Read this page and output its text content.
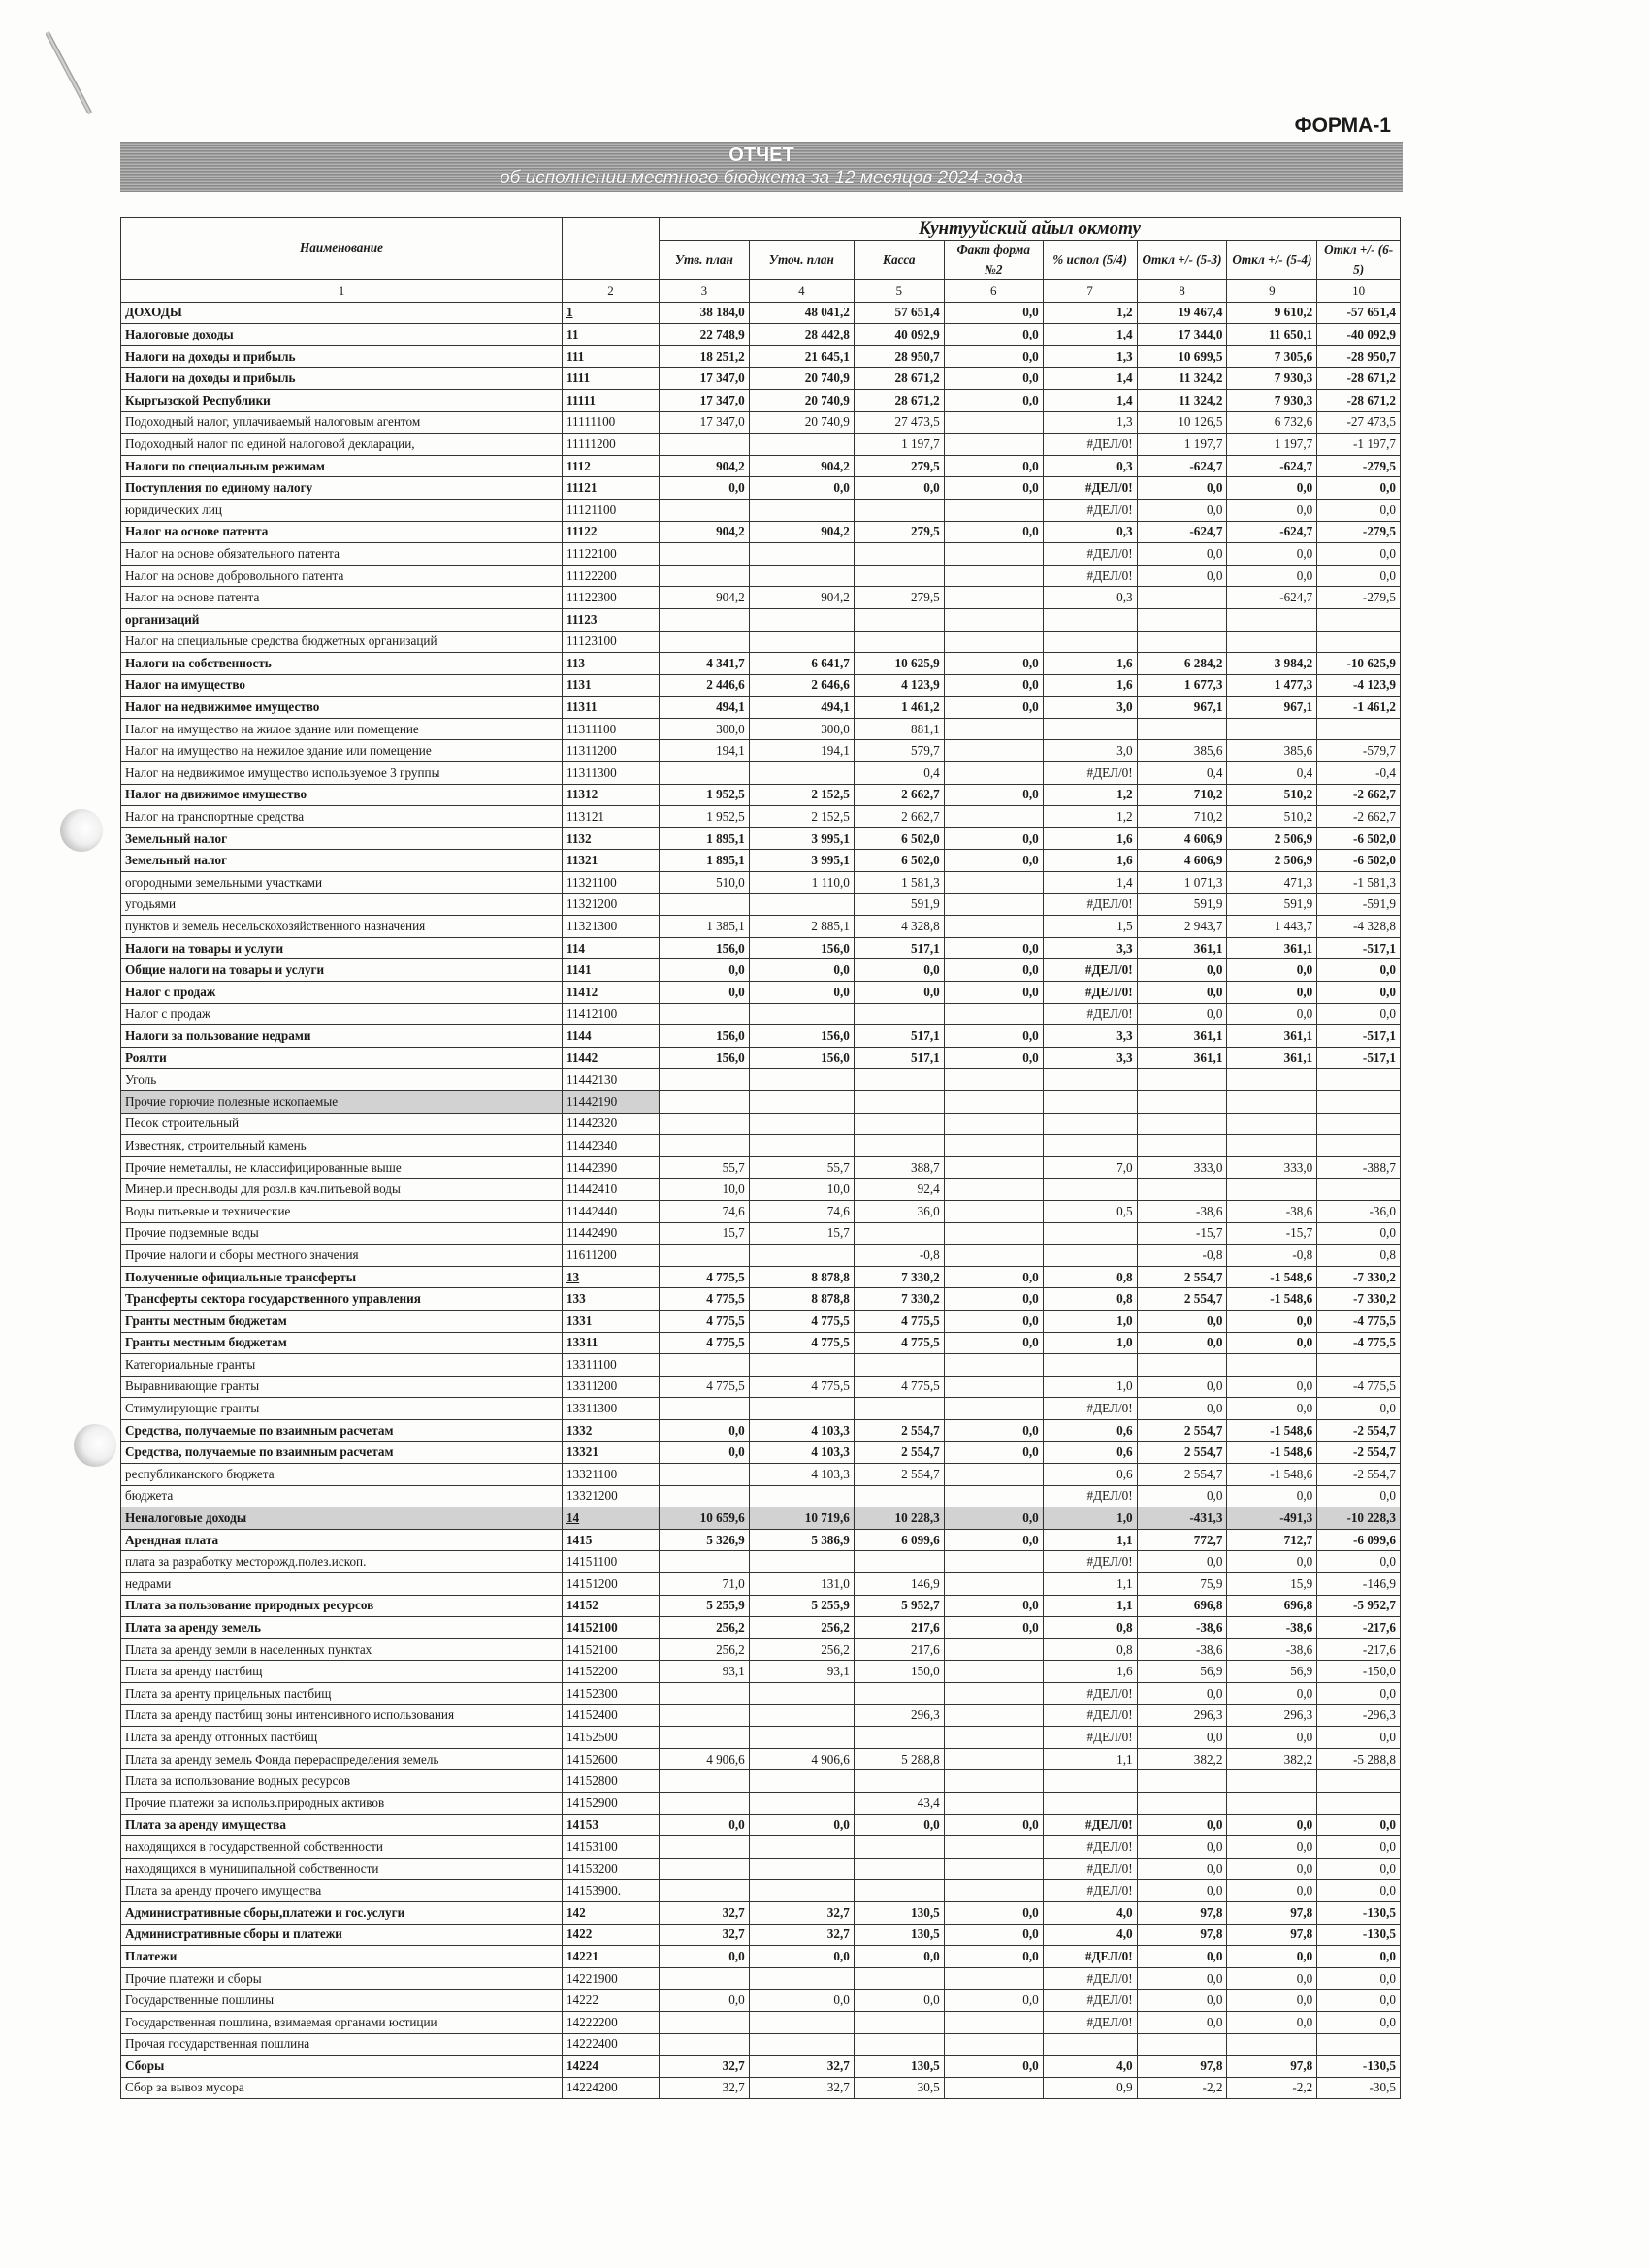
ФОРМА-1
ОТЧЕТ
об исполнении местного бюджета за 12 месяцов 2024 года
Наименование		Кунтууйский айыл окмоту							
		Утв. план	Уточ. план	Касса	Факт форма №2	% испол (5/4)	Откл +/- (5-3)	Откл +/- (5-4)	Откл +/- (6-5)
1	2	3	4	5	6	7	8	9	10
ДОХОДЫ	1	38 184,0	48 041,2	57 651,4	0,0	1,2	19 467,4	9 610,2	-57 651,4
Налоговые доходы	11	22 748,9	28 442,8	40 092,9	0,0	1,4	17 344,0	11 650,1	-40 092,9
Налоги на доходы и прибыль	111	18 251,2	21 645,1	28 950,7	0,0	1,3	10 699,5	7 305,6	-28 950,7
Налоги на доходы и прибыль	1111	17 347,0	20 740,9	28 671,2	0,0	1,4	11 324,2	7 930,3	-28 671,2
Кыргызской Республики	11111	17 347,0	20 740,9	28 671,2	0,0	1,4	11 324,2	7 930,3	-28 671,2
Подоходный налог, уплачиваемый налоговым агентом	11111100	17 347,0	20 740,9	27 473,5		1,3	10 126,5	6 732,6	-27 473,5
Подоходный налог по единой налоговой декларации,	11111200			1 197,7		#ДЕЛ/0!	1 197,7	1 197,7	-1 197,7
Налоги по специальным режимам	1112	904,2	904,2	279,5	0,0	0,3	-624,7	-624,7	-279,5
Поступления по единому налогу	11121	0,0	0,0	0,0	0,0	#ДЕЛ/0!	0,0	0,0	0,0
юридических лиц	11121100					#ДЕЛ/0!	0,0	0,0	0,0
Налог на основе патента	11122	904,2	904,2	279,5	0,0	0,3	-624,7	-624,7	-279,5
Налог на основе обязательного патента	11122100					#ДЕЛ/0!	0,0	0,0	0,0
Налог на основе добровольного патента	11122200					#ДЕЛ/0!	0,0	0,0	0,0
Налог на основе патента	11122300	904,2	904,2	279,5		0,3		-624,7	-279,5
организаций	11123								
Налог на специальные средства бюджетных организаций	11123100								
Налоги на собственность	113	4 341,7	6 641,7	10 625,9	0,0	1,6	6 284,2	3 984,2	-10 625,9
Налог на имущество	1131	2 446,6	2 646,6	4 123,9	0,0	1,6	1 677,3	1 477,3	-4 123,9
Налог на недвижимое имущество	11311	494,1	494,1	1 461,2	0,0	3,0	967,1	967,1	-1 461,2
Налог на имущество на жилое здание или помещение	11311100	300,0	300,0	881,1					
Налог на имущество на нежилое здание или помещение	11311200	194,1	194,1	579,7		3,0	385,6	385,6	-579,7
Налог на недвижимое имущество используемое 3 группы	11311300			0,4		#ДЕЛ/0!	0,4	0,4	-0,4
Налог на движимое имущество	11312	1 952,5	2 152,5	2 662,7	0,0	1,2	710,2	510,2	-2 662,7
Налог на транспортные средства	113121	1 952,5	2 152,5	2 662,7		1,2	710,2	510,2	-2 662,7
Земельный налог	1132	1 895,1	3 995,1	6 502,0	0,0	1,6	4 606,9	2 506,9	-6 502,0
Земельный налог	11321	1 895,1	3 995,1	6 502,0	0,0	1,6	4 606,9	2 506,9	-6 502,0
огородными земельными участками	11321100	510,0	1 110,0	1 581,3		1,4	1 071,3	471,3	-1 581,3
угодьями	11321200			591,9		#ДЕЛ/0!	591,9	591,9	-591,9
пунктов и земель несельскохозяйственного назначения	11321300	1 385,1	2 885,1	4 328,8		1,5	2 943,7	1 443,7	-4 328,8
Налоги на товары и услуги	114	156,0	156,0	517,1	0,0	3,3	361,1	361,1	-517,1
Общие налоги на товары и услуги	1141	0,0	0,0	0,0	0,0	#ДЕЛ/0!	0,0	0,0	0,0
Налог с продаж	11412	0,0	0,0	0,0	0,0	#ДЕЛ/0!	0,0	0,0	0,0
Налог с продаж	11412100					#ДЕЛ/0!	0,0	0,0	0,0
Налоги за пользование недрами	1144	156,0	156,0	517,1	0,0	3,3	361,1	361,1	-517,1
Роялти	11442	156,0	156,0	517,1	0,0	3,3	361,1	361,1	-517,1
Уголь	11442130								
Прочие горючие полезные ископаемые	11442190								
Песок строительный	11442320								
Известняк, строительный камень	11442340								
Прочие неметаллы, не классифицированные выше	11442390	55,7	55,7	388,7		7,0	333,0	333,0	-388,7
Минер.и пресн.воды для розл.в кач.питьевой воды	11442410	10,0	10,0	92,4					
Воды питьевые и технические	11442440	74,6	74,6	36,0		0,5	-38,6	-38,6	-36,0
Прочие подземные воды	11442490	15,7	15,7				-15,7	-15,7	0,0
Прочие налоги и сборы местного значения	11611200			-0,8			-0,8	-0,8	0,8
Полученные официальные трансферты	13	4 775,5	8 878,8	7 330,2	0,0	0,8	2 554,7	-1 548,6	-7 330,2
Трансферты сектора государственного управления	133	4 775,5	8 878,8	7 330,2	0,0	0,8	2 554,7	-1 548,6	-7 330,2
Гранты местным бюджетам	1331	4 775,5	4 775,5	4 775,5	0,0	1,0	0,0	0,0	-4 775,5
Гранты местным бюджетам	13311	4 775,5	4 775,5	4 775,5	0,0	1,0	0,0	0,0	-4 775,5
Категориальные гранты	13311100								
Выравнивающие гранты	13311200	4 775,5	4 775,5	4 775,5		1,0	0,0	0,0	-4 775,5
Стимулирующие гранты	13311300					#ДЕЛ/0!	0,0	0,0	0,0
Средства, получаемые по взаимным расчетам	1332	0,0	4 103,3	2 554,7	0,0	0,6	2 554,7	-1 548,6	-2 554,7
Средства, получаемые по взаимным расчетам	13321	0,0	4 103,3	2 554,7	0,0	0,6	2 554,7	-1 548,6	-2 554,7
республиканского бюджета	13321100		4 103,3	2 554,7		0,6	2 554,7	-1 548,6	-2 554,7
бюджета	13321200					#ДЕЛ/0!	0,0	0,0	0,0
Неналоговые доходы	14	10 659,6	10 719,6	10 228,3	0,0	1,0	-431,3	-491,3	-10 228,3
Арендная плата	1415	5 326,9	5 386,9	6 099,6	0,0	1,1	772,7	712,7	-6 099,6
плата за разработку месторожд.полез.ископ.	14151100					#ДЕЛ/0!	0,0	0,0	0,0
недрами	14151200	71,0	131,0	146,9		1,1	75,9	15,9	-146,9
Плата за пользование природных ресурсов	14152	5 255,9	5 255,9	5 952,7	0,0	1,1	696,8	696,8	-5 952,7
Плата за аренду земель	14152100	256,2	256,2	217,6	0,0	0,8	-38,6	-38,6	-217,6
Плата за аренду земли в населенных пунктах	14152100	256,2	256,2	217,6		0,8	-38,6	-38,6	-217,6
Плата за аренду пастбищ	14152200	93,1	93,1	150,0		1,6	56,9	56,9	-150,0
Плата за аренту прицельных пастбищ	14152300					#ДЕЛ/0!	0,0	0,0	0,0
Плата за аренду пастбищ зоны интенсивного использования	14152400			296,3		#ДЕЛ/0!	296,3	296,3	-296,3
Плата за аренду отгонных пастбищ	14152500					#ДЕЛ/0!	0,0	0,0	0,0
Плата за аренду земель Фонда перераспределения земель	14152600	4 906,6	4 906,6	5 288,8		1,1	382,2	382,2	-5 288,8
Плата за использование водных ресурсов	14152800								
Прочие платежи за использ.природных активов	14152900			43,4					
Плата за аренду имущества	14153	0,0	0,0	0,0	0,0	#ДЕЛ/0!	0,0	0,0	0,0
находящихся в государственной собственности	14153100					#ДЕЛ/0!	0,0	0,0	0,0
находящихся в муниципальной собственности	14153200					#ДЕЛ/0!	0,0	0,0	0,0
Плата за аренду прочего имущества	14153900.					#ДЕЛ/0!	0,0	0,0	0,0
Административные сборы,платежи и гос.услуги	142	32,7	32,7	130,5	0,0	4,0	97,8	97,8	-130,5
Административные сборы и платежи	1422	32,7	32,7	130,5	0,0	4,0	97,8	97,8	-130,5
Платежи	14221	0,0	0,0	0,0	0,0	#ДЕЛ/0!	0,0	0,0	0,0
Прочие платежи и сборы	14221900					#ДЕЛ/0!	0,0	0,0	0,0
Государственные пошлины	14222	0,0	0,0	0,0	0,0	#ДЕЛ/0!	0,0	0,0	0,0
Государственная пошлина, взимаемая органами юстиции	14222200					#ДЕЛ/0!	0,0	0,0	0,0
Прочая государственная пошлина	14222400								
Сборы	14224	32,7	32,7	130,5	0,0	4,0	97,8	97,8	-130,5
Сбор за вывоз мусора	14224200	32,7	32,7	30,5		0,9	-2,2	-2,2	-30,5
